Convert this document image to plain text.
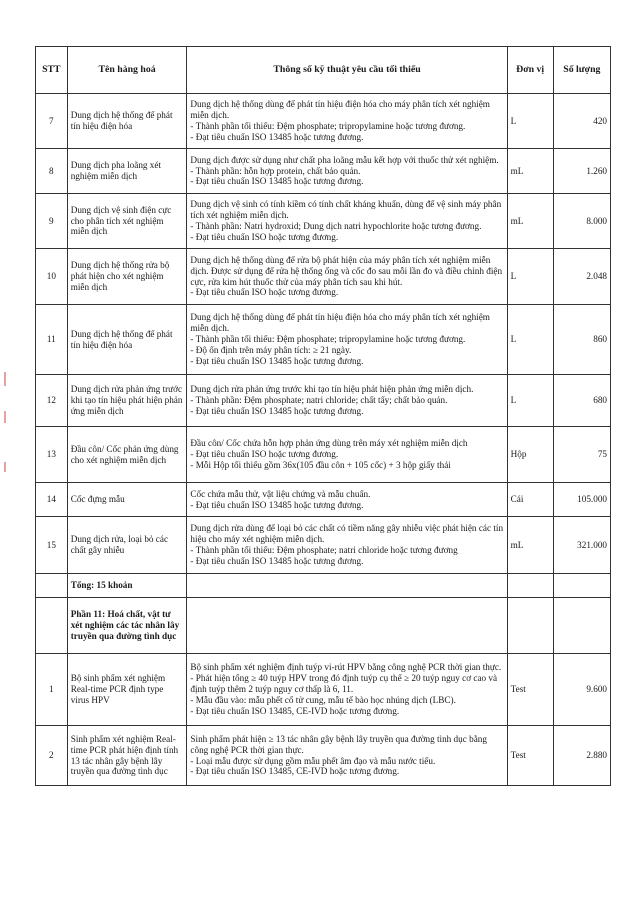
STT	Tên hàng hoá	Thông số kỹ thuật yêu cầu tối thiểu	Đơn vị	Số lượng
7	Dung dịch hệ thống để phát tín hiệu điện hóa	Dung dịch hệ thống dùng để phát tín hiệu điện hóa cho máy phân tích xét nghiệm miễn dịch.
- Thành phần tối thiểu: Đệm phosphate; tripropylamine hoặc tương đương.
- Đạt tiêu chuẩn ISO 13485 hoặc tương đương.	L	420
8	Dung dịch pha loãng xét nghiệm miễn dịch	Dung dịch được sử dụng như chất pha loãng mẫu kết hợp với thuốc thử xét nghiệm.
- Thành phần: hỗn hợp protein, chất bảo quản.
- Đạt tiêu chuẩn ISO 13485 hoặc tương đương.	mL	1.260
9	Dung dịch vệ sinh điện cực cho phân tích xét nghiệm miễn dịch	Dung dịch vệ sinh có tính kiềm có tính chất kháng khuẩn, dùng để vệ sinh máy phân tích xét nghiệm miễn dịch.
- Thành phần: Natri hydroxid; Dung dịch natri hypochlorite hoặc tương đương.
- Đạt tiêu chuẩn ISO hoặc tương đương.	mL	8.000
10	Dung dịch hệ thống rửa bộ phát hiện cho xét nghiệm miễn dịch	Dung dịch hệ thống dùng để rửa bộ phát hiện của máy phân tích xét nghiệm miễn dịch. Được sử dụng để rửa hệ thống ống và cốc đo sau mỗi lần đo và điều chỉnh điện cực, rửa kim hút thuốc thử của máy phân tích sau khi hút.
- Đạt tiêu chuẩn ISO hoặc tương đương.	L	2.048
11	Dung dịch hệ thống để phát tín hiệu điện hóa	Dung dịch hệ thống dùng để phát tín hiệu điện hóa cho máy phân tích xét nghiệm miễn dịch.
- Thành phần tối thiểu: Đệm phosphate; tripropylamine hoặc tương đương.
- Độ ổn định trên máy phân tích: ≥ 21 ngày.
- Đạt tiêu chuẩn ISO 13485 hoặc tương đương.	L	860
12	Dung dịch rửa phản ứng trước khi tạo tín hiệu phát hiện phản ứng miễn dịch	Dung dịch rửa phản ứng trước khi tạo tín hiệu phát hiện phản ứng miễn dịch.
- Thành phần: Đệm phosphate; natri chloride; chất tẩy; chất bảo quản.
- Đạt tiêu chuẩn ISO 13485 hoặc tương đương.	L	680
13	Đầu côn/ Cốc phản ứng dùng cho xét nghiệm miễn dịch	Đầu côn/ Cốc chứa hỗn hợp phản ứng dùng trên máy xét nghiệm miễn dịch
- Đạt tiêu chuẩn ISO hoặc tương đương.
- Mỗi Hộp tối thiểu gồm 36x(105 đầu côn + 105 cốc) + 3 hộp giấy thải	Hộp	75
14	Cốc đựng mẫu	Cốc chứa mẫu thử, vật liệu chứng và mẫu chuẩn.
- Đạt tiêu chuẩn ISO 13485 hoặc tương đương.	Cái	105.000
15	Dung dịch rửa, loại bỏ các chất gây nhiễu	Dung dịch rửa dùng để loại bỏ các chất có tiềm năng gây nhiễu việc phát hiện các tín hiệu cho máy xét nghiệm miễn dịch.
- Thành phần tối thiểu: Đệm phosphate; natri chloride hoặc tương đương
- Đạt tiêu chuẩn ISO 13485 hoặc tương đương.	mL	321.000
	Tổng: 15 khoản			
	Phần 11: Hoá chất, vật tư xét nghiệm các tác nhân lây truyền qua đường tình dục			
1	Bộ sinh phẩm xét nghiệm Real-time PCR định type virus HPV	Bộ sinh phẩm xét nghiệm định tuýp vi-rút HPV bằng công nghệ PCR thời gian thực.
- Phát hiện tổng ≥ 40 tuýp HPV trong đó định tuýp cụ thể ≥ 20 tuýp nguy cơ cao và định tuýp thêm 2 tuýp nguy cơ thấp là 6, 11.
- Mẫu đầu vào: mẫu phết cổ tử cung, mẫu tế bào học nhúng dịch (LBC).
- Đạt tiêu chuẩn ISO 13485, CE-IVD hoặc tương đương.	Test	9.600
2	Sinh phẩm xét nghiệm Real-time PCR phát hiện định tính 13 tác nhân gây bệnh lây truyền qua đường tình dục	Sinh phẩm phát hiện ≥ 13 tác nhân gây bệnh lây truyền qua đường tình dục bằng công nghệ PCR thời gian thực.
- Loại mẫu được sử dụng gồm mẫu phết âm đạo và mẫu nước tiểu.
- Đạt tiêu chuẩn ISO 13485, CE-IVD hoặc tương đương.	Test	2.880
